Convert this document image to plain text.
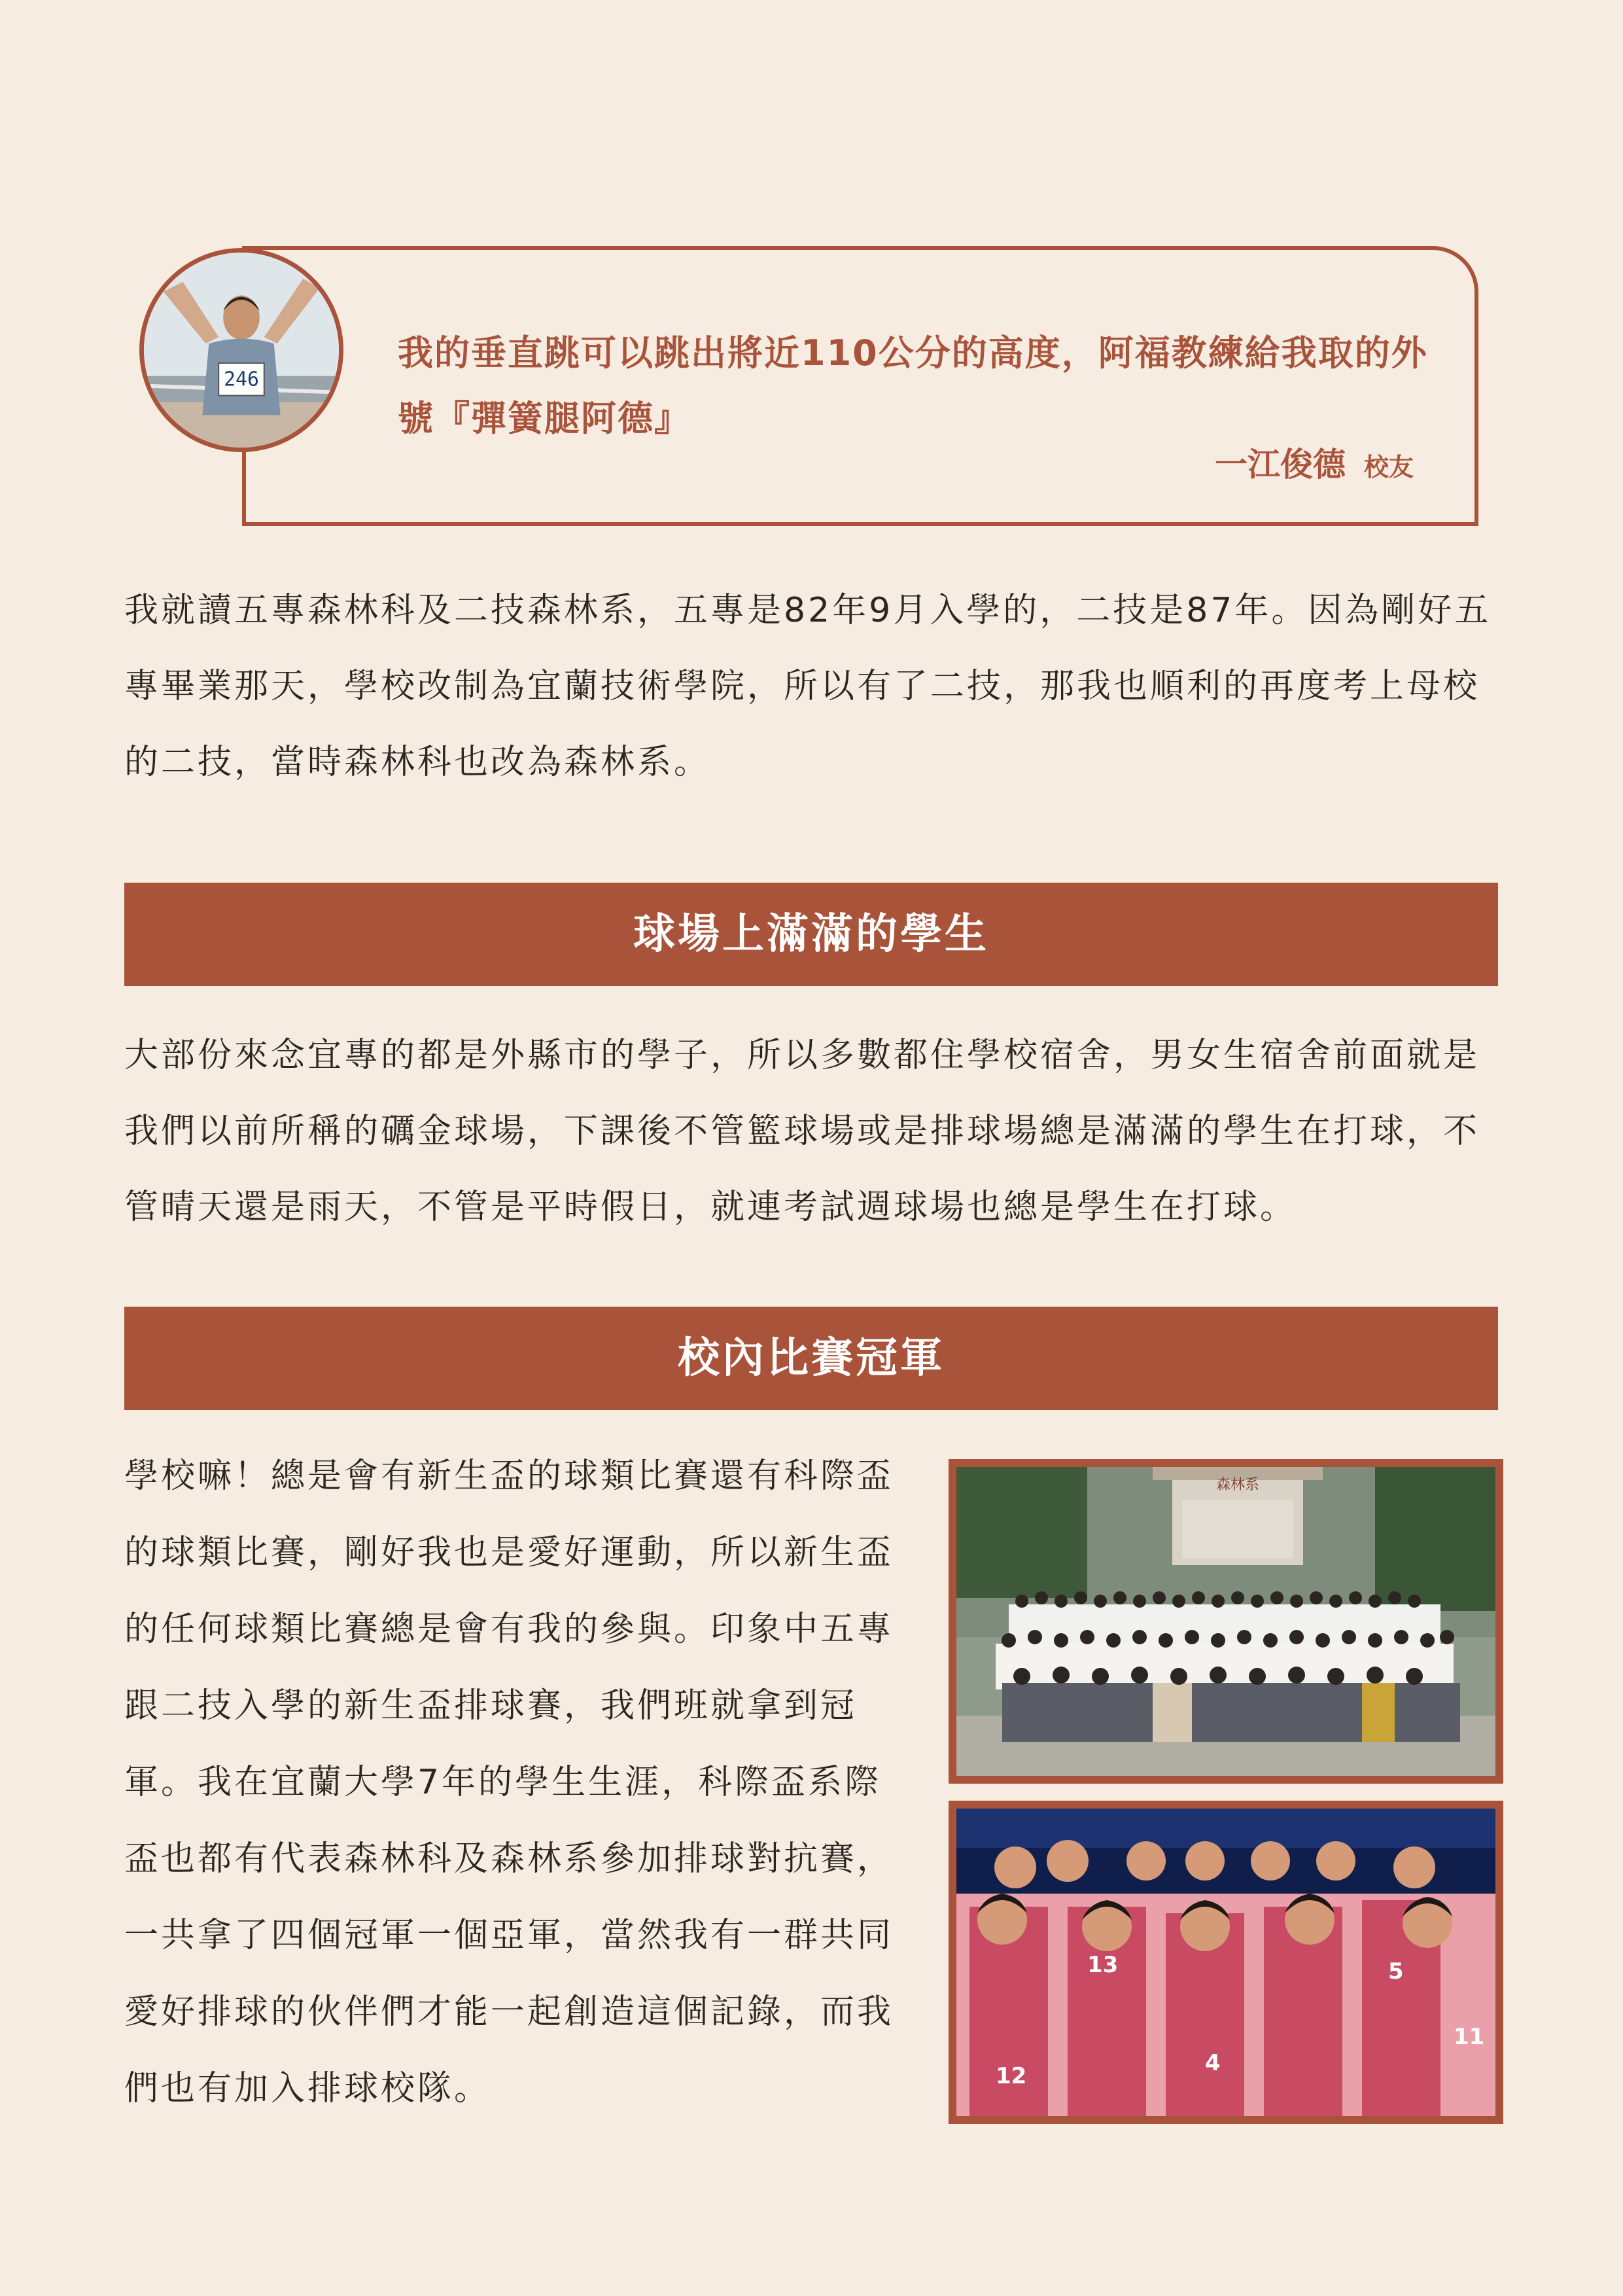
246
我的垂直跳可以跳出將近110公分的高度，阿福教練給我取的外號『彈簧腿阿德』
一江俊德 校友
我就讀五專森林科及二技森林系，五專是82年9月入學的，二技是87年。因為剛好五專畢業那天，學校改制為宜蘭技術學院，所以有了二技，那我也順利的再度考上母校的二技，當時森林科也改為森林系。
球場上滿滿的學生
大部份來念宜專的都是外縣市的學子，所以多數都住學校宿舍，男女生宿舍前面就是我們以前所稱的礪金球場，下課後不管籃球場或是排球場總是滿滿的學生在打球，不管晴天還是雨天，不管是平時假日，就連考試週球場也總是學生在打球。
校內比賽冠軍
學校嘛！總是會有新生盃的球類比賽還有科際盃的球類比賽，剛好我也是愛好運動，所以新生盃的任何球類比賽總是會有我的參與。印象中五專跟二技入學的新生盃排球賽，我們班就拿到冠軍。我在宜蘭大學7年的學生生涯，科際盃系際盃也都有代表森林科及森林系參加排球對抗賽，一共拿了四個冠軍一個亞軍，當然我有一群共同愛好排球的伙伴們才能一起創造這個記錄，而我們也有加入排球校隊。
森林系
12
13
4
11
5
